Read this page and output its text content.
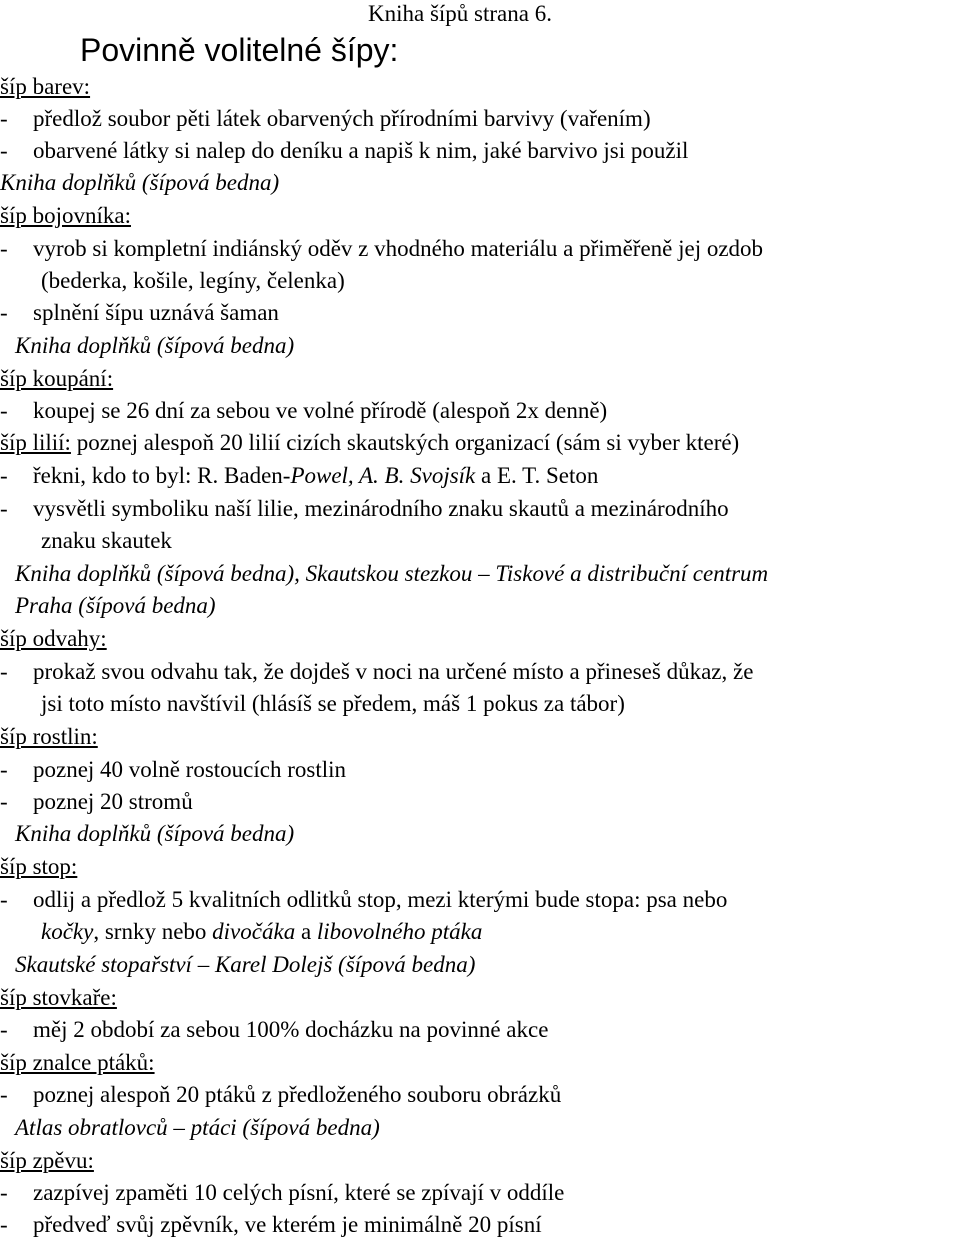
Kniha šípů strana 6.
Povinně volitelné šípy:
šíp barev:
- předlož soubor pěti látek obarvených přírodními barvivy (vařením)
- obarvené látky si nalep do deníku a napiš k nim, jaké barvivo jsi použil
Kniha doplňků (šípová bedna)
šíp bojovníka:
- vyrob si kompletní indiánský oděv z vhodného materiálu a přiměřeně jej ozdob
(bederka, košile, legíny, čelenka)
- splnění šípu uznává šaman
Kniha doplňků (šípová bedna)
šíp koupání:
- koupej se 26 dní za sebou ve volné přírodě (alespoň 2x denně)
šíp lilií: poznej alespoň 20 lilií cizích skautských organizací (sám si vyber které)
- řekni, kdo to byl: R. Baden-Powel, A. B. Svojsík a E. T. Seton
- vysvětli symboliku naší lilie, mezinárodního znaku skautů a mezinárodního
znaku skautek
Kniha doplňků (šípová bedna), Skautskou stezkou – Tiskové a distribuční centrum
Praha (šípová bedna)
šíp odvahy:
- prokaž svou odvahu tak, že dojdeš v noci na určené místo a přineseš důkaz, že
jsi toto místo navštívil (hlásíš se předem, máš 1 pokus za tábor)
šíp rostlin:
- poznej 40 volně rostoucích rostlin
- poznej 20 stromů
Kniha doplňků (šípová bedna)
šíp stop:
- odlij a předlož 5 kvalitních odlitků stop, mezi kterými bude stopa: psa nebo
kočky, srnky nebo divočáka a libovolného ptáka
Skautské stopařství – Karel Dolejš (šípová bedna)
šíp stovkaře:
- měj 2 období za sebou 100% docházku na povinné akce
šíp znalce ptáků:
- poznej alespoň 20 ptáků z předloženého souboru obrázků
Atlas obratlovců – ptáci (šípová bedna)
šíp zpěvu:
- zazpívej zpaměti 10 celých písní, které se zpívají v oddíle
- předveď svůj zpěvník, ve kterém je minimálně 20 písní
